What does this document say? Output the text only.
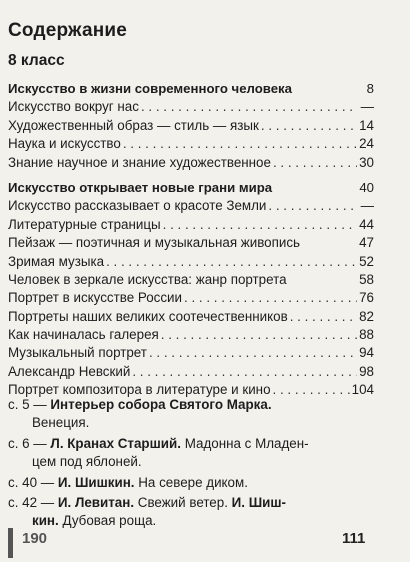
Содержание
8 класс
Искусство в жизни современного человека	8
Искусство вокруг нас . . .	—
Художественный образ — стиль — язык . . .	14
Наука и искусство . . .	24
Знание научное и знание художественное . . .	30
Искусство открывает новые грани мира	40
Искусство рассказывает о красоте Земли . . .	—
Литературные страницы . . .	44
Пейзаж — поэтичная и музыкальная живопись	47
Зримая музыка . . .	52
Человек в зеркале искусства: жанр портрета	58
Портрет в искусстве России . . .	76
Портреты наших великих соотечественников . . .	82
Как начиналась галерея . . .	88
Музыкальный портрет . . .	94
Александр Невский . . .	98
Портрет композитора в литературе и кино . . .	104
с. 5 — Интерьер собора Святого Марка.
Венеция.
с. 6 — Л. Кранах Старший. Мадонна с Младен-
цем под яблоней.
с. 40 — И. Шишкин. На севере диком.
с. 42 — И. Левитан. Свежий ветер. И. Шиш-
кин. Дубовая роща.
190	111
